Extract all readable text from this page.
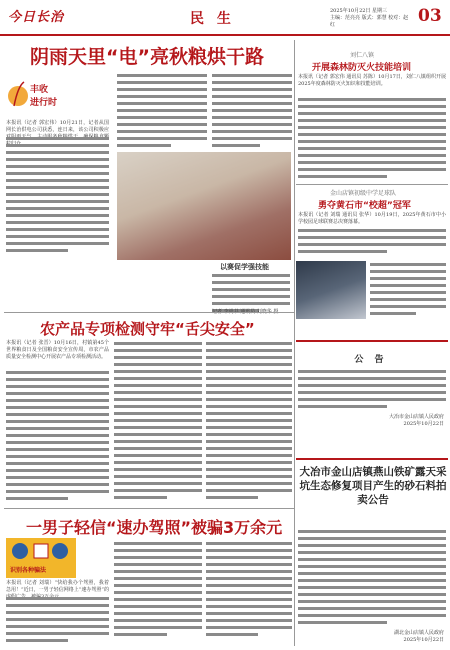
今日长治	民 生	2025年10月22日 星期三
主编：范亮亮 版式：郭慧 校对：赵红	03
阴雨天里“电”亮秋粮烘干路
丰收
进行时
本报讯（记者 郭宏伟）10月21日，记者从国网长治供电公司获悉，连日来，该公司积极应
以赛促学强技能
农产品专项检测守牢“舌尖安全”
本报讯（记者 张晋）10月16日，村镇第45个世界粮食日及全国粮食安全宣传周，市农产品质量安全检测中心开展农产品专项检测活动。
一男子轻信“速办驾照”被骗3万余元
识别各种骗法
本报讯（记者 刘瑞）“快给我办个驾照，我着急用！”近日，一男子轻信网络上“速办驾照”的
刘仁八镇
开展森林防灭火技能培训
本报讯（记者 郭宏伟 通讯员 苏陈）10月17日，刘仁八镇组织开展2025年度森林防灭火知识和技能培训。
金山店镇初级中学足球队
勇夺黄石市“校超”冠军
本报讯（记者 刘瑞 通讯员 张华）10月19日，2025年黄石市中小学校园足球联赛总决赛落幕。
公 告
大冶市金山店镇人民政府
2025年10月22日
大冶市金山店镇燕山铁矿露天采坑生态修复项目产生的砂石料拍卖公告
湖北金山店镇人民政府
2025年10月22日
